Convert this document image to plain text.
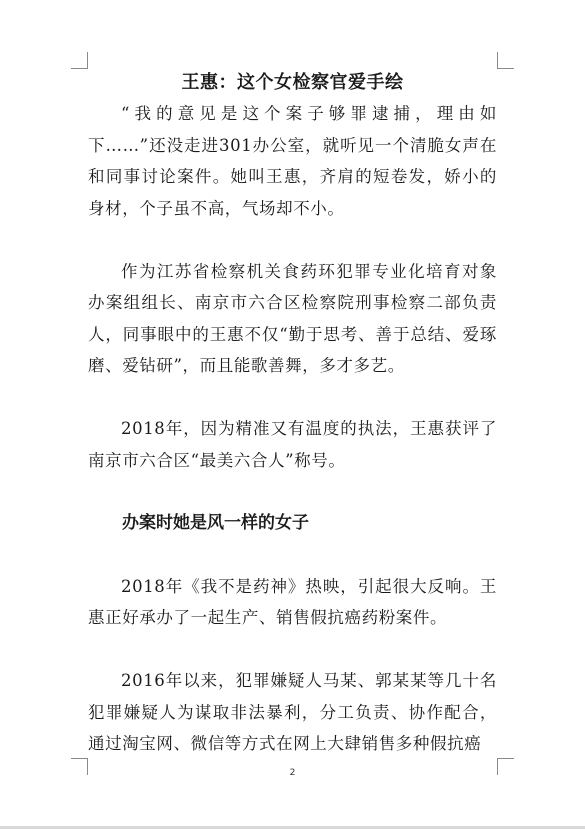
王惠：这个女检察官爱手绘

“我的意见是这个案子够罪逮捕，理由如下……”还没走进301办公室，就听见一个清脆女声在和同事讨论案件。她叫王惠，齐肩的短卷发，娇小的身材，个子虽不高，气场却不小。

作为江苏省检察机关食药环犯罪专业化培育对象办案组组长、南京市六合区检察院刑事检察二部负责人，同事眼中的王惠不仅“勤于思考、善于总结、爱琢磨、爱钻研”，而且能歌善舞，多才多艺。

2018年，因为精准又有温度的执法，王惠获评了南京市六合区“最美六合人”称号。

办案时她是风一样的女子

2018年《我不是药神》热映，引起很大反响。王惠正好承办了一起生产、销售假抗癌药粉案件。

2016年以来，犯罪嫌疑人马某、郭某某等几十名犯罪嫌疑人为谋取非法暴利，分工负责、协作配合，通过淘宝网、微信等方式在网上大肆销售多种假抗癌

2
